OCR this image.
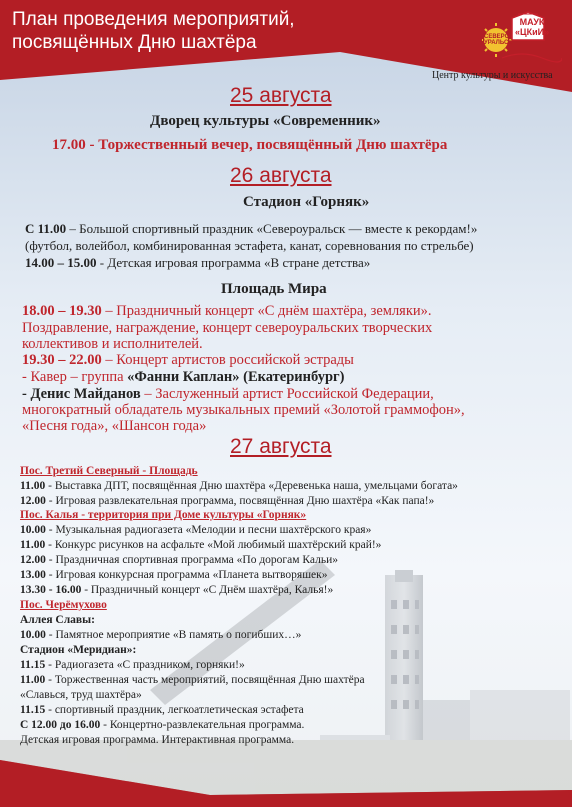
План проведения мероприятий,
посвящённых Дню шахтёра	СЕВЕРО- УРАЛЬСК
МАУК
«ЦКиИ»
Центр культуры и искусства
25 августа
Дворец культуры «Современник»
17.00 - Торжественный вечер, посвящённый Дню шахтёра
26 августа
Стадион «Горняк»
С 11.00 – Большой спортивный праздник «Североуральск — вместе к рекордам!»
(футбол, волейбол, комбинированная эстафета, канат, соревнования по стрельбе)
14.00 – 15.00 - Детская игровая программа «В стране детства»
Площадь Мира
18.00 – 19.30 – Праздничный концерт «С днём шахтёра, земляки».
Поздравление, награждение, концерт североуральских творческих
коллективов и исполнителей.
19.30 – 22.00 – Концерт артистов российской эстрады
- Кавер – группа «Фанни Каплан» (Екатеринбург)
- Денис Майданов – Заслуженный артист Российской Федерации,
многократный обладатель музыкальных премий «Золотой граммофон»,
«Песня года», «Шансон года»
27 августа
Пос. Третий Северный - Площадь
11.00 - Выставка ДПТ, посвящённая Дню шахтёра «Деревенька наша, умельцами богата»
12.00 - Игровая развлекательная программа, посвящённая Дню шахтёра «Как папа!»
Пос. Калья - территория при Доме культуры «Горняк»
10.00 - Музыкальная радиогазета «Мелодии и песни шахтёрского края»
11.00 - Конкурс рисунков на асфальте «Мой любимый шахтёрский край!»
12.00 - Праздничная спортивная программа «По дорогам Кальи»
13.00 - Игровая конкурсная программа «Планета вытворяшек»
13.30 - 16.00 - Праздничный концерт «С Днём шахтёра, Калья!»
Пос. Черёмухово
Аллея Славы:
10.00 - Памятное мероприятие «В память о погибших…»
Стадион «Меридиан»:
11.15 - Радиогазета «С праздником, горняки!»
11.00 - Торжественная часть мероприятий, посвящённая Дню шахтёра
«Славься, труд шахтёра»
11.15 - спортивный праздник, легкоатлетическая эстафета
С 12.00 до 16.00 - Концертно-развлекательная программа.
Детская игровая программа. Интерактивная программа.
